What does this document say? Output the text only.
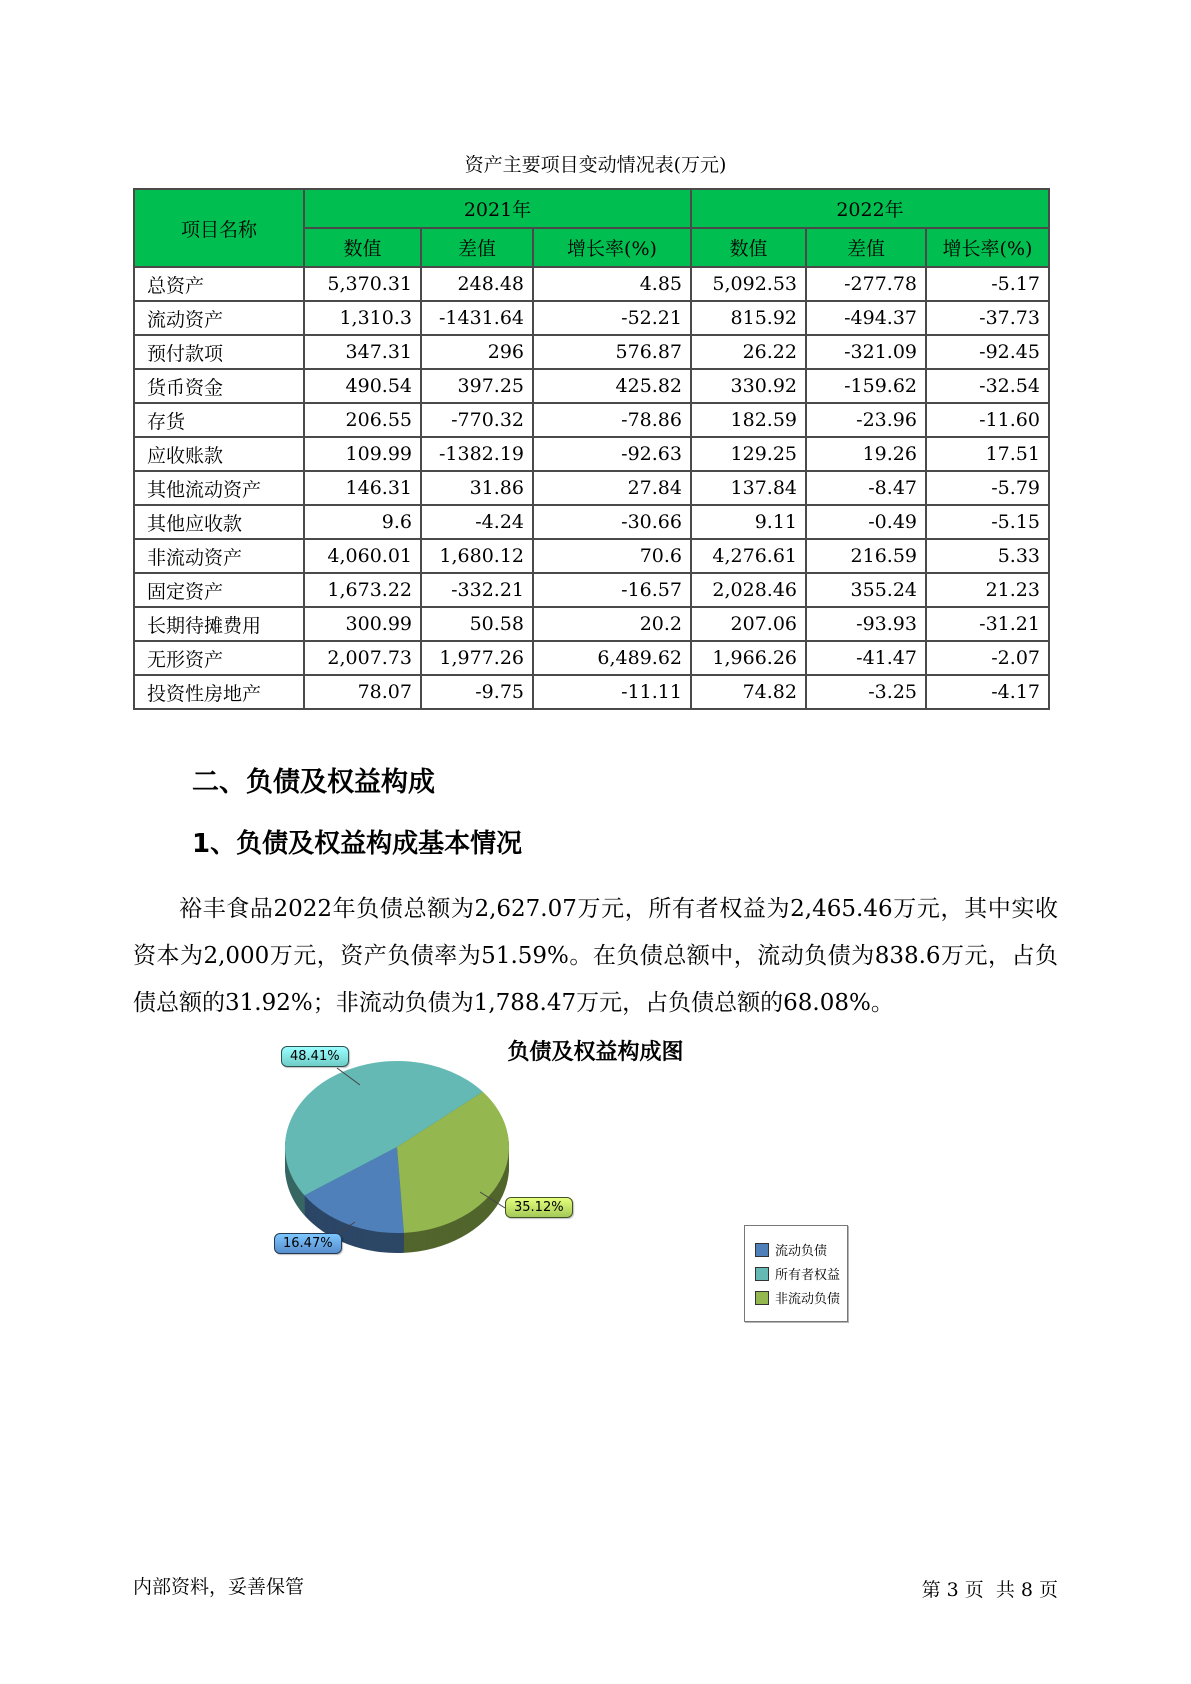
资产主要项目变动情况表(万元)
项目名称	2021年			2022年		
	数值	差值	增长率(%)	数值	差值	增长率(%)
总资产	5,370.31	248.48	4.85	5,092.53	-277.78	-5.17
流动资产	1,310.3	-1431.64	-52.21	815.92	-494.37	-37.73
预付款项	347.31	296	576.87	26.22	-321.09	-92.45
货币资金	490.54	397.25	425.82	330.92	-159.62	-32.54
存货	206.55	-770.32	-78.86	182.59	-23.96	-11.60
应收账款	109.99	-1382.19	-92.63	129.25	19.26	17.51
其他流动资产	146.31	31.86	27.84	137.84	-8.47	-5.79
其他应收款	9.6	-4.24	-30.66	9.11	-0.49	-5.15
非流动资产	4,060.01	1,680.12	70.6	4,276.61	216.59	5.33
固定资产	1,673.22	-332.21	-16.57	2,028.46	355.24	21.23
长期待摊费用	300.99	50.58	20.2	207.06	-93.93	-31.21
无形资产	2,007.73	1,977.26	6,489.62	1,966.26	-41.47	-2.07
投资性房地产	78.07	-9.75	-11.11	74.82	-3.25	-4.17
二、负债及权益构成
1、负债及权益构成基本情况
裕丰食品2022年负债总额为2,627.07万元，所有者权益为2,465.46万元，其中实收资本为2,000万元，资产负债率为51.59%。在负债总额中，流动负债为838.6万元，占负债总额的31.92%；非流动负债为1,788.47万元，占负债总额的68.08%。
负债及权益构成图
48.41%
35.12%
16.47%
流动负债
所有者权益
非流动负债
内部资料，妥善保管	第 3 页  共 8 页
